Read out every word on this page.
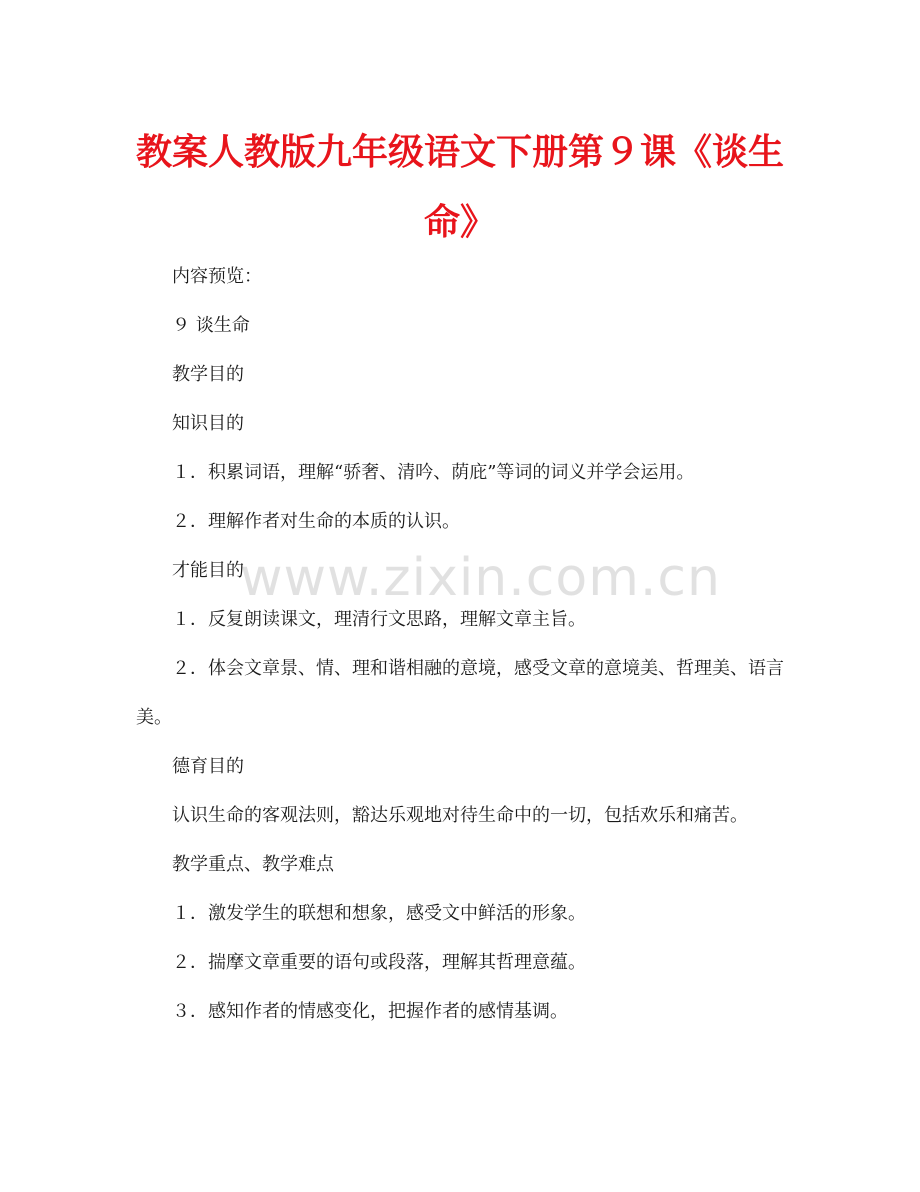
www.zixin.com.cn
教案人教版九年级语文下册第９课《谈生命》

内容预览：

９ 谈生命

教学目的

知识目的

１．积累词语，理解“骄奢、清吟、荫庇”等词的词义并学会运用。

２．理解作者对生命的本质的认识。

才能目的

１．反复朗读课文，理清行文思路，理解文章主旨。

２．体会文章景、情、理和谐相融的意境，感受文章的意境美、哲理美、语言美。

德育目的

认识生命的客观法则，豁达乐观地对待生命中的一切，包括欢乐和痛苦。

教学重点、教学难点

１．激发学生的联想和想象，感受文中鲜活的形象。

２．揣摩文章重要的语句或段落，理解其哲理意蕴。

３．感知作者的情感变化，把握作者的感情基调。
